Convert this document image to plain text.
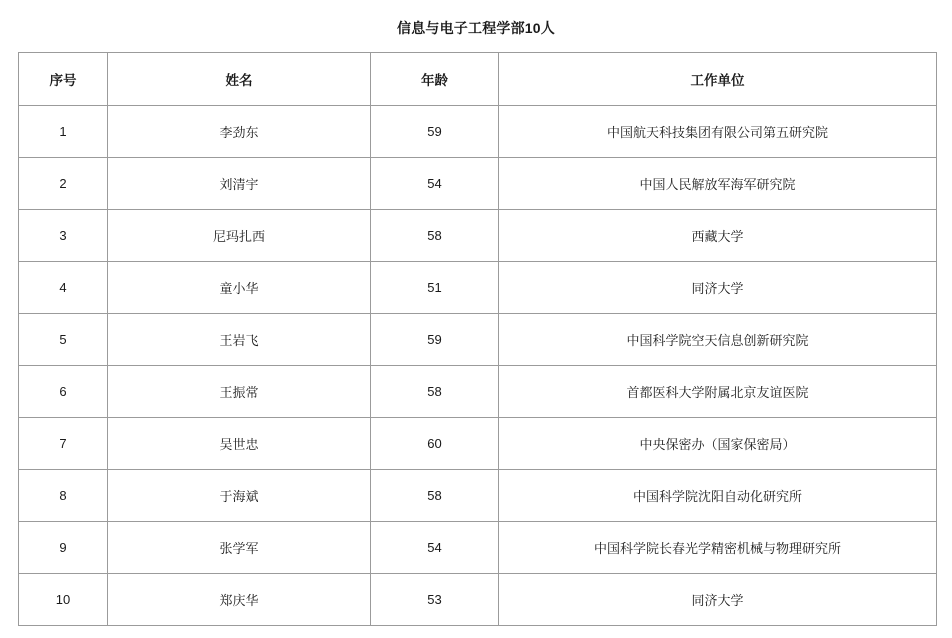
信息与电子工程学部10人
序号	姓名	年龄	工作单位
1	李劲东	59	中国航天科技集团有限公司第五研究院
2	刘清宇	54	中国人民解放军海军研究院
3	尼玛扎西	58	西藏大学
4	童小华	51	同济大学
5	王岩飞	59	中国科学院空天信息创新研究院
6	王振常	58	首都医科大学附属北京友谊医院
7	吴世忠	60	中央保密办（国家保密局）
8	于海斌	58	中国科学院沈阳自动化研究所
9	张学军	54	中国科学院长春光学精密机械与物理研究所
10	郑庆华	53	同济大学
